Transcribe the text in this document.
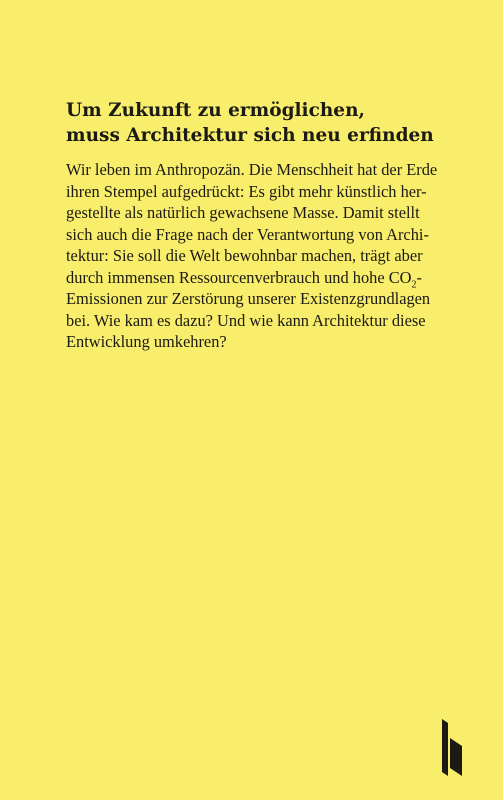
Um Zukunft zu ermöglichen,
muss Architektur sich neu erfinden
Wir leben im Anthropozän. Die Menschheit hat der Erde
ihren Stempel aufgedrückt: Es gibt mehr künstlich her-
gestellte als natürlich gewachsene Masse. Damit stellt
sich auch die Frage nach der Verantwortung von Archi-
tektur: Sie soll die Welt bewohnbar machen, trägt aber
durch immensen Ressourcenverbrauch und hohe $CO_2-$
Emissionen zur Zerstörung unserer Existenzgrundlagen
bei. Wie kam es dazu? Und wie kann Architektur diese
Entwicklung umkehren?
